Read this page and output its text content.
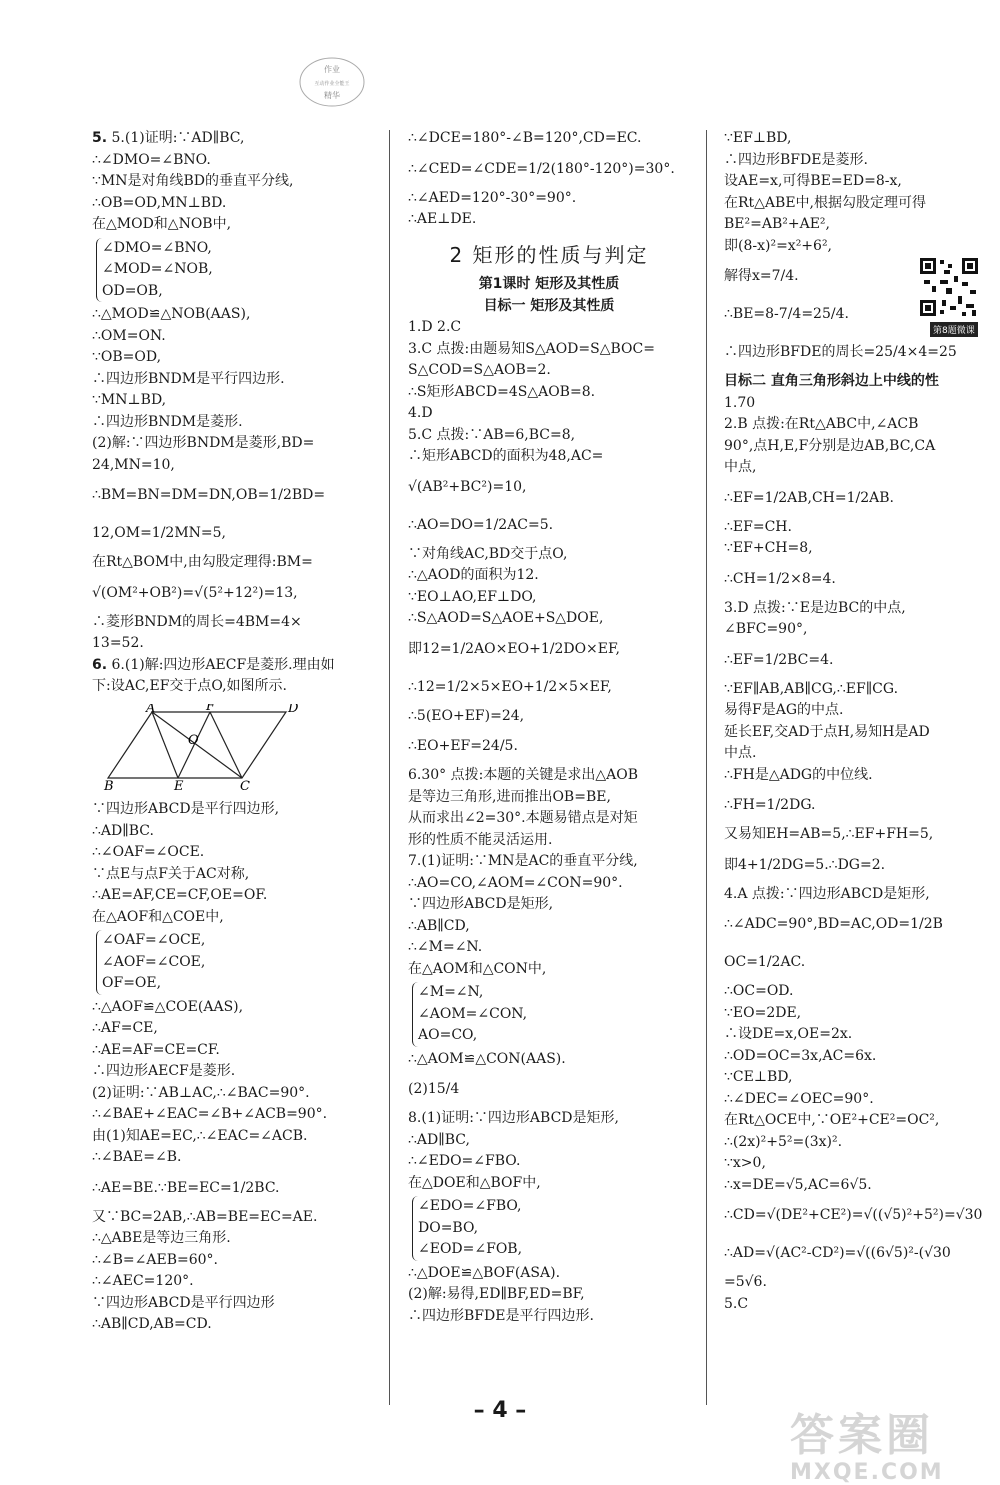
作业
互动作业全能王
精华
5. 5.(1)证明:∵AD∥BC,
∴∠DMO=∠BNO.
∵MN是对角线BD的垂直平分线,
∴OB=OD,MN⊥BD.
在△MOD和△NOB中,
∠DMO=∠BNO,
∠MOD=∠NOB,
OD=OB,
∴△MOD≌△NOB(AAS),
∴OM=ON.
∵OB=OD,
∴四边形BNDM是平行四边形.
∵MN⊥BD,
∴四边形BNDM是菱形.
(2)解:∵四边形BNDM是菱形,BD=
24,MN=10,
∴BM=BN=DM=DN,OB=1/2BD=
12,OM=1/2MN=5,
在Rt△BOM中,由勾股定理得:BM=
√(OM²+OB²)=√(5²+12²)=13,
∴菱形BNDM的周长=4BM=4×
13=52.
6. 6.(1)解:四边形AECF是菱形.理由如
下:设AC,EF交于点O,如图所示.
A	F	D
O
B	E	C
∵四边形ABCD是平行四边形,
∴AD∥BC.
∴∠OAF=∠OCE.
∵点E与点F关于AC对称,
∴AE=AF,CE=CF,OE=OF.
在△AOF和△COE中,
∠OAF=∠OCE,
∠AOF=∠COE,
OF=OE,
∴△AOF≌△COE(AAS),
∴AF=CE,
∴AE=AF=CE=CF.
∴四边形AECF是菱形.
(2)证明:∵AB⊥AC,∴∠BAC=90°.
∴∠BAE+∠EAC=∠B+∠ACB=90°.
由(1)知AE=EC,∴∠EAC=∠ACB.
∴∠BAE=∠B.
∴AE=BE.∵BE=EC=1/2BC.
又∵BC=2AB,∴AB=BE=EC=AE.
∴△ABE是等边三角形.
∴∠B=∠AEB=60°.
∴∠AEC=120°.
∵四边形ABCD是平行四边形
∴AB∥CD,AB=CD.
∴∠DCE=180°-∠B=120°,CD=EC.
∴∠CED=∠CDE=1/2(180°-120°)=30°.
∴∠AED=120°-30°=90°.
∴AE⊥DE.
2 矩形的性质与判定
第1课时 矩形及其性质
目标一 矩形及其性质
1.D 2.C
3.C 点拨:由题易知S△AOD=S△BOC=
S△COD=S△AOB=2.
∴S矩形ABCD=4S△AOB=8.
4.D
5.C 点拨:∵AB=6,BC=8,
∴矩形ABCD的面积为48,AC=
√(AB²+BC²)=10,
∴AO=DO=1/2AC=5.
∵对角线AC,BD交于点O,
∴△AOD的面积为12.
∵EO⊥AO,EF⊥DO,
∴S△AOD=S△AOE+S△DOE,
即12=1/2AO×EO+1/2DO×EF,
∴12=1/2×5×EO+1/2×5×EF,
∴5(EO+EF)=24,
∴EO+EF=24/5.
6.30° 点拨:本题的关键是求出△AOB
是等边三角形,进而推出OB=BE,
从而求出∠2=30°.本题易错点是对矩
形的性质不能灵活运用.
7.(1)证明:∵MN是AC的垂直平分线,
∴AO=CO,∠AOM=∠CON=90°.
∵四边形ABCD是矩形,
∴AB∥CD,
∴∠M=∠N.
在△AOM和△CON中,
∠M=∠N,
∠AOM=∠CON,
AO=CO,
∴△AOM≌△CON(AAS).
(2)15/4
8.(1)证明:∵四边形ABCD是矩形,
∴AD∥BC,
∴∠EDO=∠FBO.
在△DOE和△BOF中,
∠EDO=∠FBO,
DO=BO,
∠EOD=∠FOB,
∴△DOE≌△BOF(ASA).
(2)解:易得,ED∥BF,ED=BF,
∴四边形BFDE是平行四边形.
∵EF⊥BD,
∴四边形BFDE是菱形.
设AE=x,可得BE=ED=8-x,
在Rt△ABE中,根据勾股定理可得
BE²=AB²+AE²,
即(8-x)²=x²+6²,
解得x=7/4.
∴BE=8-7/4=25/4.
∴四边形BFDE的周长=25/4×4=25
目标二 直角三角形斜边上中线的性
1.70
2.B 点拨:在Rt△ABC中,∠ACB
90°,点H,E,F分别是边AB,BC,CA
中点,
∴EF=1/2AB,CH=1/2AB.
∴EF=CH.
∵EF+CH=8,
∴CH=1/2×8=4.
3.D 点拨:∵E是边BC的中点,
∠BFC=90°,
∴EF=1/2BC=4.
∵EF∥AB,AB∥CG,∴EF∥CG.
易得F是AG的中点.
延长EF,交AD于点H,易知H是AD
中点.
∴FH是△ADG的中位线.
∴FH=1/2DG.
又易知EH=AB=5,∴EF+FH=5,
即4+1/2DG=5.∴DG=2.
4.A 点拨:∵四边形ABCD是矩形,
∴∠ADC=90°,BD=AC,OD=1/2B
OC=1/2AC.
∴OC=OD.
∵EO=2DE,
∴设DE=x,OE=2x.
∴OD=OC=3x,AC=6x.
∵CE⊥BD,
∴∠DEC=∠OEC=90°.
在Rt△OCE中,∵OE²+CE²=OC²,
∴(2x)²+5²=(3x)².
∵x>0,
∴x=DE=√5,AC=6√5.
∴CD=√(DE²+CE²)=√((√5)²+5²)=√30
∴AD=√(AC²-CD²)=√((6√5)²-(√30
=5√6.
5.C
第8题微课
– 4 –	答案圈
MXQE.COM
